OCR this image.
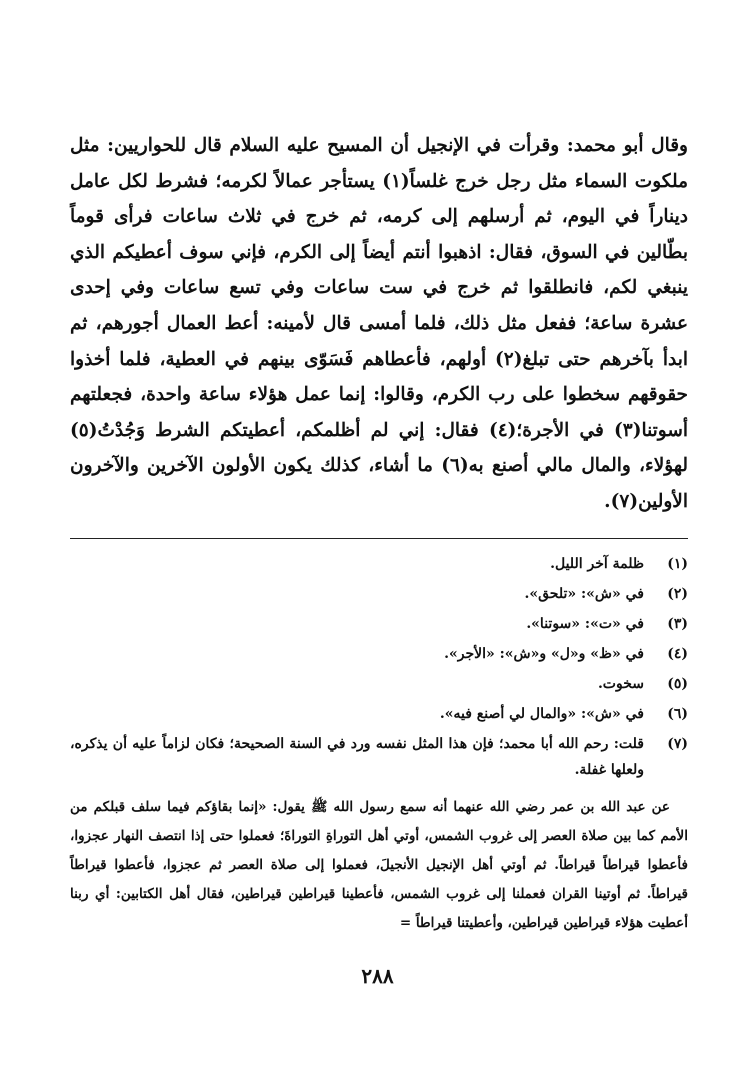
وقال أبو محمد: وقرأت في الإنجيل أن المسيح عليه السلام قال للحواريين: مثل ملكوت السماء مثل رجل خرج غلساً(١) يستأجر عمالاً لكرمه؛ فشرط لكل عامل ديناراً في اليوم، ثم أرسلهم إلى كرمه، ثم خرج في ثلاث ساعات فرأى قوماً بطّالين في السوق، فقال: اذهبوا أنتم أيضاً إلى الكرم، فإني سوف أعطيكم الذي ينبغي لكم، فانطلقوا ثم خرج في ست ساعات وفي تسع ساعات وفي إحدى عشرة ساعة؛ ففعل مثل ذلك، فلما أمسى قال لأمينه: أعط العمال أجورهم، ثم ابدأ بآخرهم حتى تبلغ(٢) أولهم، فأعطاهم فَسَوّى بينهم في العطية، فلما أخذوا حقوقهم سخطوا على رب الكرم، وقالوا: إنما عمل هؤلاء ساعة واحدة، فجعلتهم أسوتنا(٣) في الأجرة؛(٤) فقال: إني لم أظلمكم، أعطيتكم الشرط وَجُدْتُ(٥) لهؤلاء، والمال مالي أصنع به(٦) ما أشاء، كذلك يكون الأولون الآخرين والآخرون الأولين(٧).

(١)
ظلمة آخر الليل.
(٢)
في «ش»: «تلحق».
(٣)
في «ت»: «سوتنا».
(٤)
في «ظ» و«ل» و«ش»: «الأجر».
(٥)
سخوت.
(٦)
في «ش»: «والمال لي أصنع فيه».
(٧)
قلت: رحم الله أبا محمد؛ فإن هذا المثل نفسه ورد في السنة الصحيحة؛ فكان لزاماً عليه أن يذكره، ولعلها غفلة.

عن عبد الله بن عمر رضي الله عنهما أنه سمع رسول الله ﷺ يقول: «إنما بقاؤكم فيما سلف قبلكم من الأمم كما بين صلاة العصر إلى غروب الشمس، أوتي أهل التوراةِ التوراةَ؛ فعملوا حتى إذا انتصف النهار عجزوا، فأعطوا قيراطاً قيراطاً. ثم أوتي أهل الإنجيل الأنجيلَ، فعملوا إلى صلاة العصر ثم عجزوا، فأعطوا قيراطاً قيراطاً. ثم أوتينا القران فعملنا إلى غروب الشمس، فأعطينا قيراطين قيراطين، فقال أهل الكتابين: أي ربنا أعطيت هؤلاء قيراطين قيراطين، وأعطيتنا قيراطاً =

٢٨٨
